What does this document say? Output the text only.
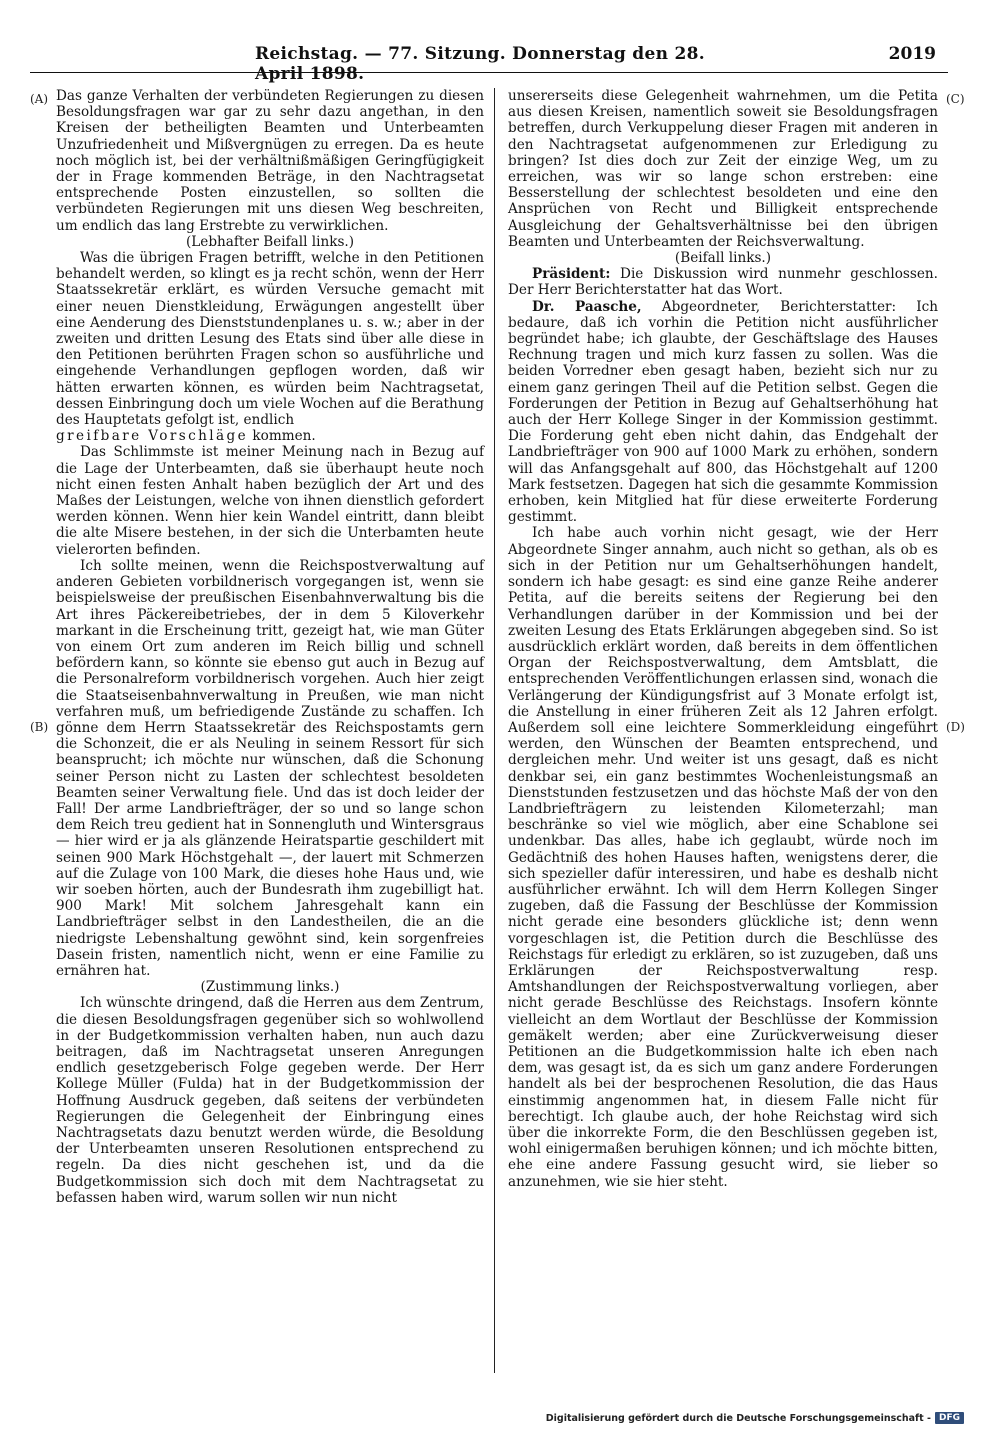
Reichstag. — 77. Sitzung. Donnerstag den 28. April 1898.
2019
(A)
(B)
(C)
(D)

Das ganze Verhalten der verbündeten Regierungen zu diesen Besoldungsfragen war gar zu sehr dazu angethan, in den Kreisen der betheiligten Beamten und Unterbeamten Unzufriedenheit und Mißvergnügen zu erregen. Da es heute noch möglich ist, bei der verhältnißmäßigen Geringfügigkeit der in Frage kommenden Beträge, in den Nachtragsetat entsprechende Posten einzustellen, so sollten die verbündeten Regierungen mit uns diesen Weg beschreiten, um endlich das lang Erstrebte zu verwirklichen.

(Lebhafter Beifall links.)

Was die übrigen Fragen betrifft, welche in den Petitionen behandelt werden, so klingt es ja recht schön, wenn der Herr Staatssekretär erklärt, es würden Versuche gemacht mit einer neuen Dienstkleidung, Erwägungen angestellt über eine Aenderung des Dienststundenplanes u. s. w.; aber in der zweiten und dritten Lesung des Etats sind über alle diese in den Petitionen berührten Fragen schon so ausführliche und eingehende Verhandlungen gepflogen worden, daß wir hätten erwarten können, es würden beim Nachtragsetat, dessen Einbringung doch um viele Wochen auf die Berathung des Hauptetats gefolgt ist, endlich

greifbare Vorschläge kommen.

Das Schlimmste ist meiner Meinung nach in Bezug auf die Lage der Unterbeamten, daß sie überhaupt heute noch nicht einen festen Anhalt haben bezüglich der Art und des Maßes der Leistungen, welche von ihnen dienstlich gefordert werden können. Wenn hier kein Wandel eintritt, dann bleibt die alte Misere bestehen, in der sich die Unterbamten heute vielerorten befinden.

Ich sollte meinen, wenn die Reichspostverwaltung auf anderen Gebieten vorbildnerisch vorgegangen ist, wenn sie beispielsweise der preußischen Eisenbahnverwaltung bis die Art ihres Päckereibetriebes, der in dem 5 Kiloverkehr markant in die Erscheinung tritt, gezeigt hat, wie man Güter von einem Ort zum anderen im Reich billig und schnell befördern kann, so könnte sie ebenso gut auch in Bezug auf die Personalreform vorbildnerisch vorgehen. Auch hier zeigt die Staatseisenbahnverwaltung in Preußen, wie man nicht verfahren muß, um befriedigende Zustände zu schaffen. Ich gönne dem Herrn Staatssekretär des Reichspostamts gern die Schonzeit, die er als Neuling in seinem Ressort für sich beansprucht; ich möchte nur wünschen, daß die Schonung seiner Person nicht zu Lasten der schlechtest besoldeten Beamten seiner Verwaltung fiele. Und das ist doch leider der Fall! Der arme Landbriefträger, der so und so lange schon dem Reich treu gedient hat in Sonnengluth und Wintersgraus — hier wird er ja als glänzende Heiratspartie geschildert mit seinen 900 Mark Höchstgehalt —, der lauert mit Schmerzen auf die Zulage von 100 Mark, die dieses hohe Haus und, wie wir soeben hörten, auch der Bundesrath ihm zugebilligt hat. 900 Mark! Mit solchem Jahresgehalt kann ein Landbriefträger selbst in den Landestheilen, die an die niedrigste Lebenshaltung gewöhnt sind, kein sorgenfreies Dasein fristen, namentlich nicht, wenn er eine Familie zu ernähren hat.

(Zustimmung links.)

Ich wünschte dringend, daß die Herren aus dem Zentrum, die diesen Besoldungsfragen gegenüber sich so wohlwollend in der Budgetkommission verhalten haben, nun auch dazu beitragen, daß im Nachtragsetat unseren Anregungen endlich gesetzgeberisch Folge gegeben werde. Der Herr Kollege Müller (Fulda) hat in der Budgetkommission der Hoffnung Ausdruck gegeben, daß seitens der verbündeten Regierungen die Gelegenheit der Einbringung eines Nachtragsetats dazu benutzt werden würde, die Besoldung der Unterbeamten unseren Resolutionen entsprechend zu regeln. Da dies nicht geschehen ist, und da die Budgetkommission sich doch mit dem Nachtragsetat zu befassen haben wird, warum sollen wir nun nicht

unsererseits diese Gelegenheit wahrnehmen, um die Petita aus diesen Kreisen, namentlich soweit sie Besoldungsfragen betreffen, durch Verkuppelung dieser Fragen mit anderen in den Nachtragsetat aufgenommenen zur Erledigung zu bringen? Ist dies doch zur Zeit der einzige Weg, um zu erreichen, was wir so lange schon erstreben: eine Besserstellung der schlechtest besoldeten und eine den Ansprüchen von Recht und Billigkeit entsprechende Ausgleichung der Gehaltsverhältnisse bei den übrigen Beamten und Unterbeamten der Reichsverwaltung.

(Beifall links.)

Präsident: Die Diskussion wird nunmehr geschlossen. Der Herr Berichterstatter hat das Wort.

Dr. Paasche, Abgeordneter, Berichterstatter: Ich bedaure, daß ich vorhin die Petition nicht ausführlicher begründet habe; ich glaubte, der Geschäftslage des Hauses Rechnung tragen und mich kurz fassen zu sollen. Was die beiden Vorredner eben gesagt haben, bezieht sich nur zu einem ganz geringen Theil auf die Petition selbst. Gegen die Forderungen der Petition in Bezug auf Gehaltserhöhung hat auch der Herr Kollege Singer in der Kommission gestimmt. Die Forderung geht eben nicht dahin, das Endgehalt der Landbriefträger von 900 auf 1000 Mark zu erhöhen, sondern will das Anfangsgehalt auf 800, das Höchstgehalt auf 1200 Mark festsetzen. Dagegen hat sich die gesammte Kommission erhoben, kein Mitglied hat für diese erweiterte Forderung gestimmt.

Ich habe auch vorhin nicht gesagt, wie der Herr Abgeordnete Singer annahm, auch nicht so gethan, als ob es sich in der Petition nur um Gehaltserhöhungen handelt, sondern ich habe gesagt: es sind eine ganze Reihe anderer Petita, auf die bereits seitens der Regierung bei den Verhandlungen darüber in der Kommission und bei der zweiten Lesung des Etats Erklärungen abgegeben sind. So ist ausdrücklich erklärt worden, daß bereits in dem öffentlichen Organ der Reichspostverwaltung, dem Amtsblatt, die entsprechenden Veröffentlichungen erlassen sind, wonach die Verlängerung der Kündigungsfrist auf 3 Monate erfolgt ist, die Anstellung in einer früheren Zeit als 12 Jahren erfolgt. Außerdem soll eine leichtere Sommerkleidung eingeführt werden, den Wünschen der Beamten entsprechend, und dergleichen mehr. Und weiter ist uns gesagt, daß es nicht denkbar sei, ein ganz bestimmtes Wochenleistungsmaß an Dienststunden festzusetzen und das höchste Maß der von den Landbriefträgern zu leistenden Kilometerzahl; man beschränke so viel wie möglich, aber eine Schablone sei undenkbar. Das alles, habe ich geglaubt, würde noch im Gedächtniß des hohen Hauses haften, wenigstens derer, die sich spezieller dafür interessiren, und habe es deshalb nicht ausführlicher erwähnt. Ich will dem Herrn Kollegen Singer zugeben, daß die Fassung der Beschlüsse der Kommission nicht gerade eine besonders glückliche ist; denn wenn vorgeschlagen ist, die Petition durch die Beschlüsse des Reichstags für erledigt zu erklären, so ist zuzugeben, daß uns Erklärungen der Reichspostverwaltung resp. Amtshandlungen der Reichspostverwaltung vorliegen, aber nicht gerade Beschlüsse des Reichstags. Insofern könnte vielleicht an dem Wortlaut der Beschlüsse der Kommission gemäkelt werden; aber eine Zurückverweisung dieser Petitionen an die Budgetkommission halte ich eben nach dem, was gesagt ist, da es sich um ganz andere Forderungen handelt als bei der besprochenen Resolution, die das Haus einstimmig angenommen hat, in diesem Falle nicht für berechtigt. Ich glaube auch, der hohe Reichstag wird sich über die inkorrekte Form, die den Beschlüssen gegeben ist, wohl einigermaßen beruhigen können; und ich möchte bitten, ehe eine andere Fassung gesucht wird, sie lieber so anzunehmen, wie sie hier steht.

Digitalisierung gefördert durch die Deutsche Forschungsgemeinschaft - DFG
